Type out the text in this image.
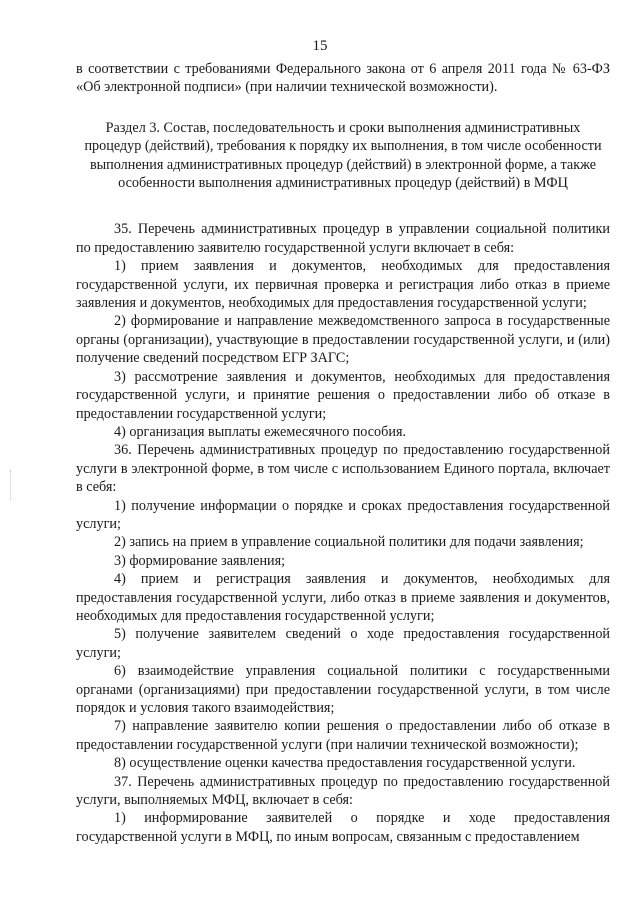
15

в соответствии с требованиями Федерального закона от 6 апреля 2011 года № 63-ФЗ «Об электронной подписи» (при наличии технической возможности).

Раздел 3. Состав, последовательность и сроки выполнения административных процедур (действий), требования к порядку их выполнения, в том числе особенности выполнения административных процедур (действий) в электронной форме, а также особенности выполнения административных процедур (действий) в МФЦ

35. Перечень административных процедур в управлении социальной политики по предоставлению заявителю государственной услуги включает в себя:

1) прием заявления и документов, необходимых для предоставления государственной услуги, их первичная проверка и регистрация либо отказ в приеме заявления и документов, необходимых для предоставления государственной услуги;

2) формирование и направление межведомственного запроса в государственные органы (организации), участвующие в предоставлении государственной услуги, и (или) получение сведений посредством ЕГР ЗАГС;

3) рассмотрение заявления и документов, необходимых для предоставления государственной услуги, и принятие решения о предоставлении либо об отказе в предоставлении государственной услуги;

4) организация выплаты ежемесячного пособия.

36. Перечень административных процедур по предоставлению государственной услуги в электронной форме, в том числе с использованием Единого портала, включает в себя:

1) получение информации о порядке и сроках предоставления государственной услуги;

2) запись на прием в управление социальной политики для подачи заявления;

3) формирование заявления;

4) прием и регистрация заявления и документов, необходимых для предоставления государственной услуги, либо отказ в приеме заявления и документов, необходимых для предоставления государственной услуги;

5) получение заявителем сведений о ходе предоставления государственной услуги;

6) взаимодействие управления социальной политики с государственными органами (организациями) при предоставлении государственной услуги, в том числе порядок и условия такого взаимодействия;

7) направление заявителю копии решения о предоставлении либо об отказе в предоставлении государственной услуги (при наличии технической возможности);

8) осуществление оценки качества предоставления государственной услуги.

37. Перечень административных процедур по предоставлению государственной услуги, выполняемых МФЦ, включает в себя:

1) информирование заявителей о порядке и ходе предоставления государственной услуги в МФЦ, по иным вопросам, связанным с предоставлением
